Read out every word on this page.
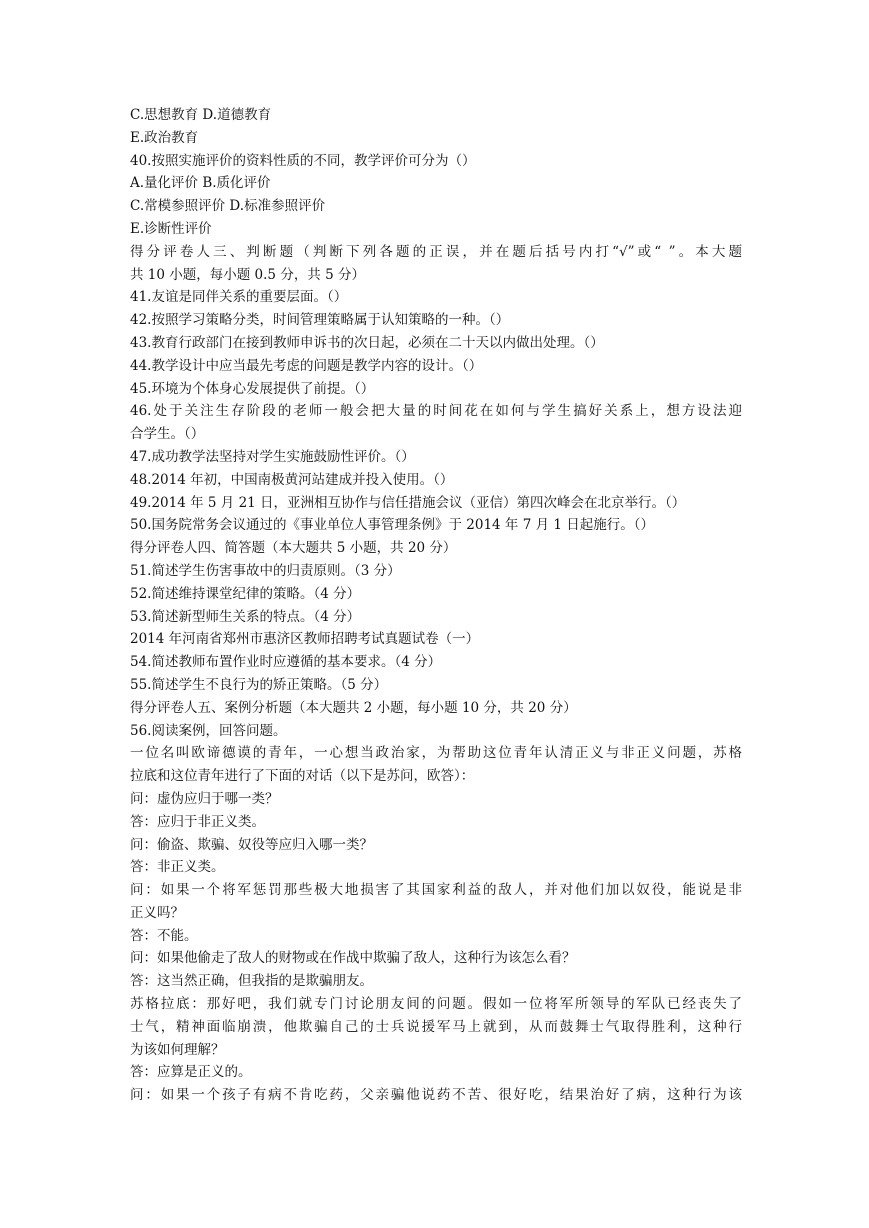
C.思想教育 D.道德教育
E.政治教育
40.按照实施评价的资料性质的不同，教学评价可分为（）
A.量化评价 B.质化评价
C.常模参照评价 D.标准参照评价
E.诊断性评价
得分评卷人三、判断题（判断下列各题的正误，并在题后括号内打“√”或“ ”。本大题
共 10 小题，每小题 0.5 分，共 5 分）
41.友谊是同伴关系的重要层面。（）
42.按照学习策略分类，时间管理策略属于认知策略的一种。（）
43.教育行政部门在接到教师申诉书的次日起，必须在二十天以内做出处理。（）
44.教学设计中应当最先考虑的问题是教学内容的设计。（）
45.环境为个体身心发展提供了前提。（）
46.处于关注生存阶段的老师一般会把大量的时间花在如何与学生搞好关系上，想方设法迎
合学生。（）
47.成功教学法坚持对学生实施鼓励性评价。（）
48.2014 年初，中国南极黄河站建成并投入使用。（）
49.2014 年 5 月 21 日，亚洲相互协作与信任措施会议（亚信）第四次峰会在北京举行。（）
50.国务院常务会议通过的《事业单位人事管理条例》于 2014 年 7 月 1 日起施行。（）
得分评卷人四、简答题（本大题共 5 小题，共 20 分）
51.简述学生伤害事故中的归责原则。（3 分）
52.简述维持课堂纪律的策略。（4 分）
53.简述新型师生关系的特点。（4 分）
2014 年河南省郑州市惠济区教师招聘考试真题试卷（一）
54.简述教师布置作业时应遵循的基本要求。（4 分）
55.简述学生不良行为的矫正策略。（5 分）
得分评卷人五、案例分析题（本大题共 2 小题，每小题 10 分，共 20 分）
56.阅读案例，回答问题。
一位名叫欧谛德谟的青年，一心想当政治家，为帮助这位青年认清正义与非正义问题，苏格
拉底和这位青年进行了下面的对话（以下是苏问，欧答）：
问：虚伪应归于哪一类？
答：应归于非正义类。
问：偷盗、欺骗、奴役等应归入哪一类？
答：非正义类。
问：如果一个将军惩罚那些极大地损害了其国家利益的敌人，并对他们加以奴役，能说是非
正义吗？
答：不能。
问：如果他偷走了敌人的财物或在作战中欺骗了敌人，这种行为该怎么看？
答：这当然正确，但我指的是欺骗朋友。
苏格拉底：那好吧，我们就专门讨论朋友间的问题。假如一位将军所领导的军队已经丧失了
士气，精神面临崩溃，他欺骗自己的士兵说援军马上就到，从而鼓舞士气取得胜利，这种行
为该如何理解？
答：应算是正义的。
问：如果一个孩子有病不肯吃药，父亲骗他说药不苦、很好吃，结果治好了病，这种行为该
